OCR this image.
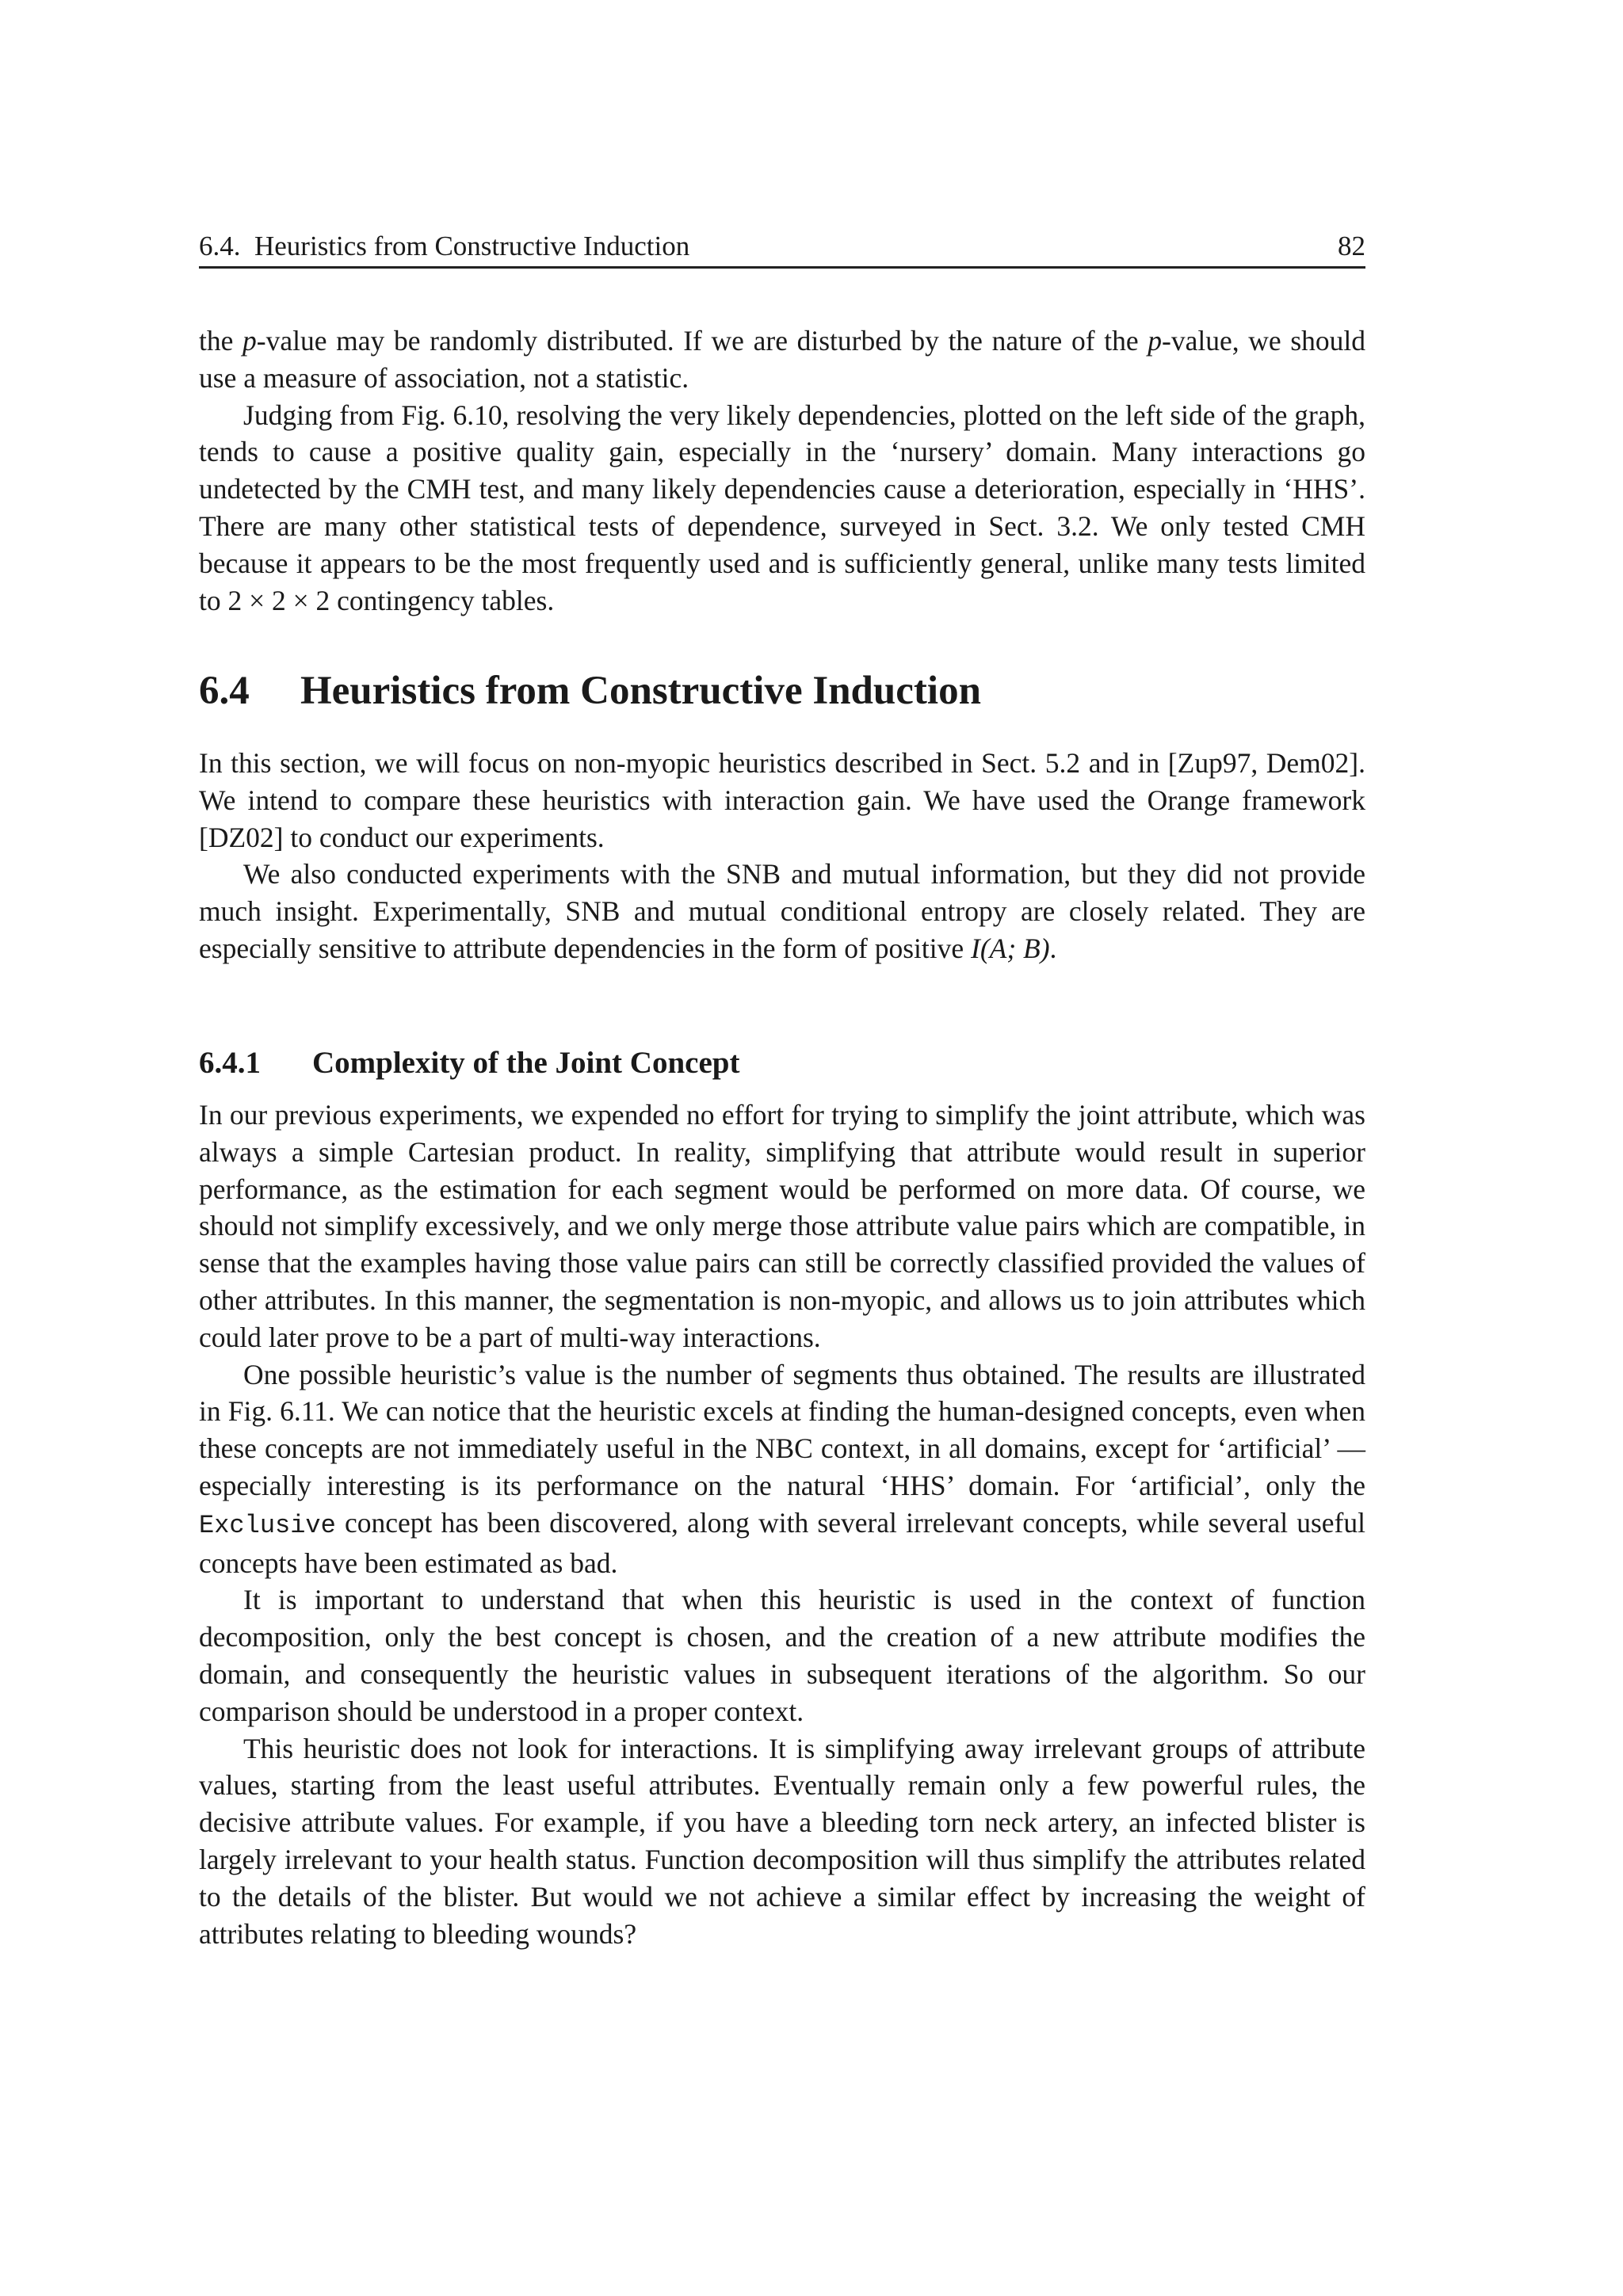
6.4. Heuristics from Constructive Induction	82

the p-value may be randomly distributed. If we are disturbed by the nature of the p-value, we should use a measure of association, not a statistic.

Judging from Fig. 6.10, resolving the very likely dependencies, plotted on the left side of the graph, tends to cause a positive quality gain, especially in the ‘nursery’ domain. Many interactions go undetected by the CMH test, and many likely dependencies cause a deterioration, especially in ‘HHS’. There are many other statistical tests of dependence, surveyed in Sect. 3.2. We only tested CMH because it appears to be the most frequently used and is sufficiently general, unlike many tests limited to 2 × 2 × 2 contingency tables.

6.4 Heuristics from Constructive Induction

In this section, we will focus on non-myopic heuristics described in Sect. 5.2 and in [Zup97, Dem02]. We intend to compare these heuristics with interaction gain. We have used the Orange framework [DZ02] to conduct our experiments.

We also conducted experiments with the SNB and mutual information, but they did not provide much insight. Experimentally, SNB and mutual conditional entropy are closely related. They are especially sensitive to attribute dependencies in the form of positive I(A; B).

6.4.1 Complexity of the Joint Concept

In our previous experiments, we expended no effort for trying to simplify the joint attribute, which was always a simple Cartesian product. In reality, simplifying that attribute would result in superior performance, as the estimation for each segment would be performed on more data. Of course, we should not simplify excessively, and we only merge those attribute value pairs which are compatible, in sense that the examples having those value pairs can still be correctly classified provided the values of other attributes. In this manner, the segmentation is non-myopic, and allows us to join attributes which could later prove to be a part of multi-way interactions.

One possible heuristic’s value is the number of segments thus obtained. The results are illustrated in Fig. 6.11. We can notice that the heuristic excels at finding the human-designed concepts, even when these concepts are not immediately useful in the NBC context, in all domains, except for ‘artificial’ — especially interesting is its performance on the natural ‘HHS’ domain. For ‘artificial’, only the Exclusive concept has been discovered, along with several irrelevant concepts, while several useful concepts have been estimated as bad.

It is important to understand that when this heuristic is used in the context of function decomposition, only the best concept is chosen, and the creation of a new attribute modifies the domain, and consequently the heuristic values in subsequent iterations of the algorithm. So our comparison should be understood in a proper context.

This heuristic does not look for interactions. It is simplifying away irrelevant groups of attribute values, starting from the least useful attributes. Eventually remain only a few powerful rules, the decisive attribute values. For example, if you have a bleeding torn neck artery, an infected blister is largely irrelevant to your health status. Function decomposition will thus simplify the attributes related to the details of the blister. But would we not achieve a similar effect by increasing the weight of attributes relating to bleeding wounds?
